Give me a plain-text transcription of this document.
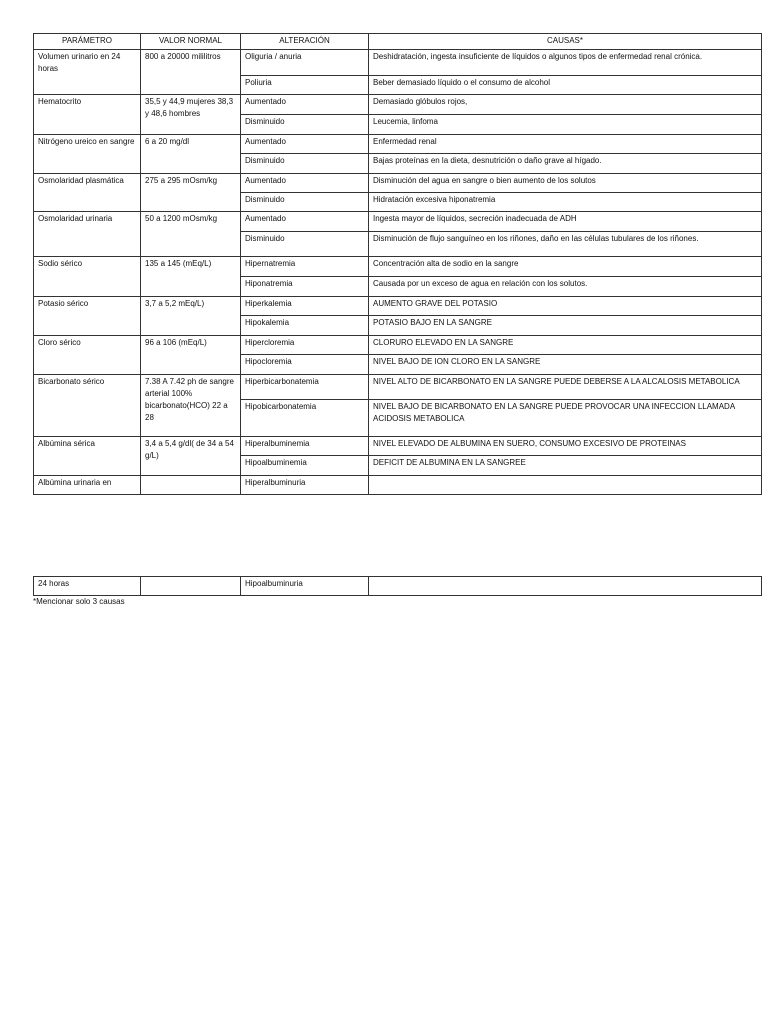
PARÁMETRO	VALOR NORMAL	ALTERACIÓN	CAUSAS*
Volumen urinario en 24 horas	800 a 20000 mililitros	Oliguria / anuria	Deshidratación, ingesta insuficiente de líquidos o algunos tipos de enfermedad renal crónica.
		Poliuria	Beber demasiado líquido o el consumo de alcohol
Hematocrito	35,5 y 44,9 mujeres 38,3 y 48,6 hombres	Aumentado	Demasiado glóbulos rojos,
		Disminuido	Leucemia, linfoma
Nitrógeno ureico en sangre	6 a 20 mg/dl	Aumentado	Enfermedad renal
		Disminuido	Bajas proteínas en la dieta, desnutrición o daño grave al hígado.
Osmolaridad plasmática	275 a 295 mOsm/kg	Aumentado	Disminución del agua en sangre o bien aumento de los solutos
		Disminuido	Hidratación excesiva hiponatremia
Osmolaridad urinaria	50 a 1200 mOsm/kg	Aumentado	Ingesta mayor de líquidos, secreción inadecuada de ADH
		Disminuido	Disminución de flujo sanguíneo en los riñones, daño en las células tubulares de los riñones.
Sodio sérico	135 a 145 (mEq/L)	Hipernatremia	Concentración alta de sodio en la sangre
		Hiponatremia	Causada por un exceso de agua en relación con los solutos.
Potasio sérico	3,7 a 5,2 mEq/L)	Hiperkalemia	AUMENTO GRAVE DEL POTASIO
		Hipokalemia	POTASIO BAJO EN LA SANGRE
Cloro sérico	96 a 106 (mEq/L)	Hipercloremia	CLORURO ELEVADO EN LA SANGRE
		Hipocloremia	NIVEL BAJO DE ION CLORO EN LA SANGRE
Bicarbonato sérico	7.38 A 7.42 ph de sangre arterial 100% bicarbonato(HCO) 22 a 28	Hiperbicarbonatemia	NIVEL ALTO DE BICARBONATO EN LA SANGRE PUEDE DEBERSE A LA ALCALOSIS METABOLICA
		Hipobicarbonatemia	NIVEL BAJO DE BICARBONATO EN LA SANGRE PUEDE PROVOCAR UNA INFECCION LLAMADA ACIDOSIS METABOLICA
Albúmina sérica	3,4 a 5,4 g/dl( de 34 a 54 g/L)	Hiperalbuminemia	NIVEL ELEVADO DE ALBUMINA EN SUERO, CONSUMO EXCESIVO DE PROTEINAS
		Hipoalbuminemia	DEFICIT DE ALBUMINA EN LA SANGREE
Albúmina urinaria en		Hiperalbuminuria	
24 horas		Hipoalbuminuria	
*Mencionar solo 3 causas
